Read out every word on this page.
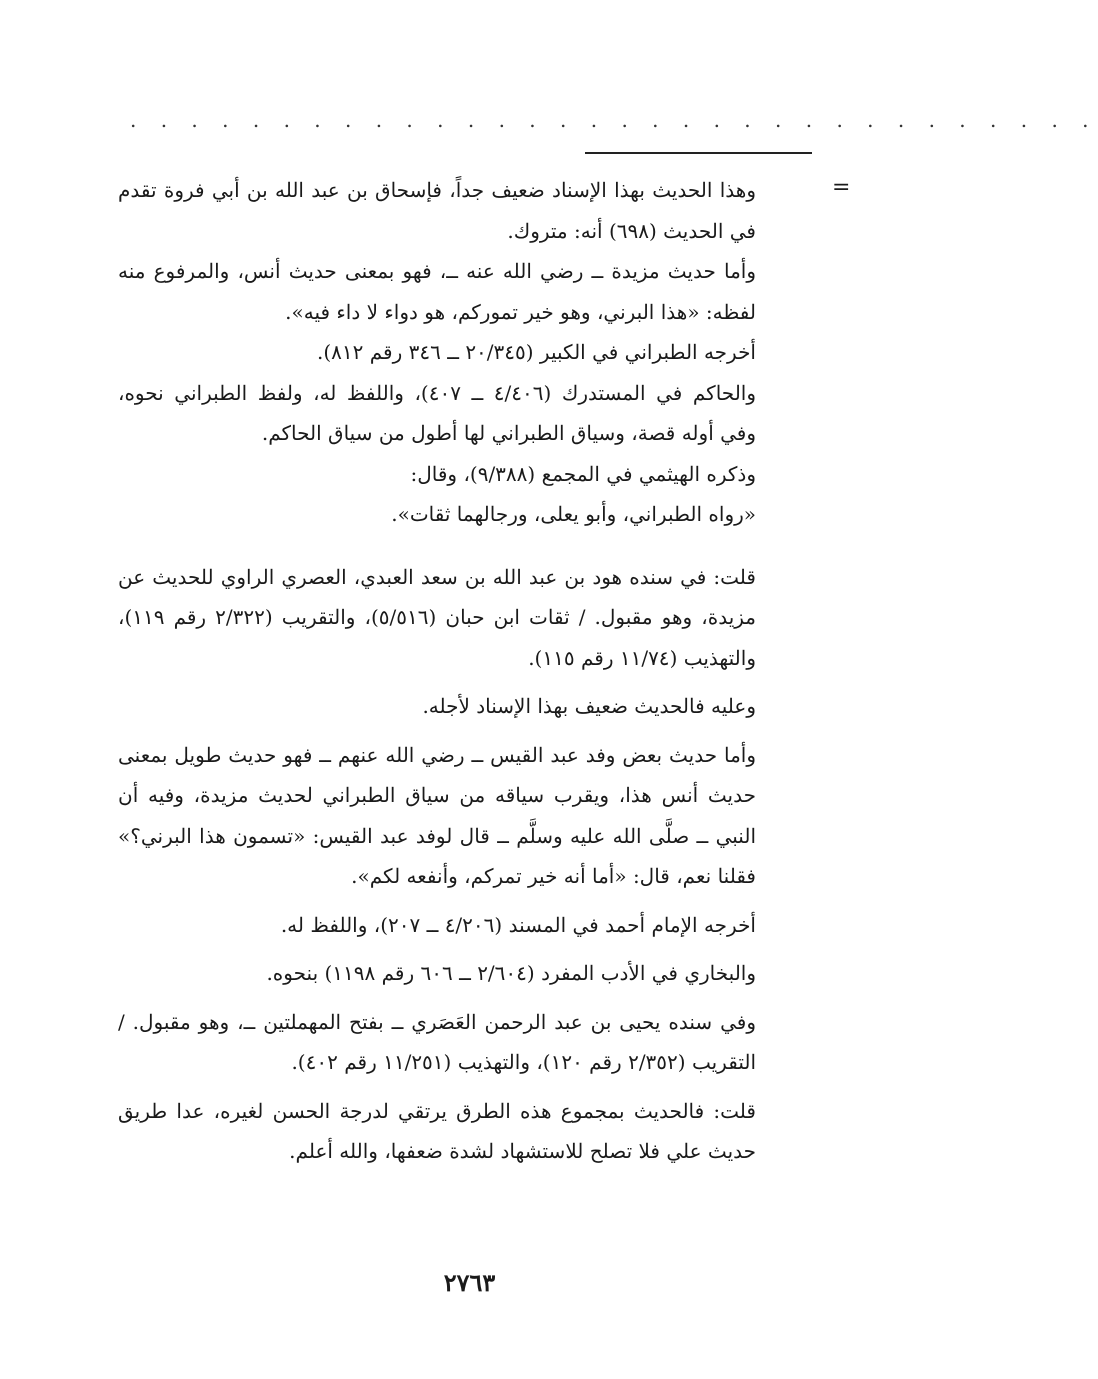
. . . . . . . . . . . . . . . . . . . . . . . . . . . . . . . .
=

وهذا الحديث بهذا الإسناد ضعيف جداً، فإسحاق بن عبد الله بن أبي فروة تقدم في الحديث (٦٩٨) أنه: متروك.

وأما حديث مزيدة ــ رضي الله عنه ــ، فهو بمعنى حديث أنس، والمرفوع منه لفظه: «هذا البرني، وهو خير تموركم، هو دواء لا داء فيه».

أخرجه الطبراني في الكبير (٢٠/٣٤٥ ــ ٣٤٦ رقم ٨١٢).

والحاكم في المستدرك (٤/٤٠٦ ــ ٤٠٧)، واللفظ له، ولفظ الطبراني نحوه، وفي أوله قصة، وسياق الطبراني لها أطول من سياق الحاكم.

وذكره الهيثمي في المجمع (٩/٣٨٨)، وقال:

«رواه الطبراني، وأبو يعلى، ورجالهما ثقات».

قلت: في سنده هود بن عبد الله بن سعد العبدي، العصري الراوي للحديث عن مزيدة، وهو مقبول. / ثقات ابن حبان (٥/٥١٦)، والتقريب (٢/٣٢٢ رقم ١١٩)، والتهذيب (١١/٧٤ رقم ١١٥).

وعليه فالحديث ضعيف بهذا الإسناد لأجله.

وأما حديث بعض وفد عبد القيس ــ رضي الله عنهم ــ فهو حديث طويل بمعنى حديث أنس هذا، ويقرب سياقه من سياق الطبراني لحديث مزيدة، وفيه أن النبي ــ صلَّى الله عليه وسلَّم ــ قال لوفد عبد القيس: «تسمون هذا البرني؟» فقلنا نعم، قال: «أما أنه خير تمركم، وأنفعه لكم».

أخرجه الإمام أحمد في المسند (٤/٢٠٦ ــ ٢٠٧)، واللفظ له.

والبخاري في الأدب المفرد (٢/٦٠٤ ــ ٦٠٦ رقم ١١٩٨) بنحوه.

وفي سنده يحيى بن عبد الرحمن العَصَري ــ بفتح المهملتين ــ، وهو مقبول. / التقريب (٢/٣٥٢ رقم ١٢٠)، والتهذيب (١١/٢٥١ رقم ٤٠٢).

قلت: فالحديث بمجموع هذه الطرق يرتقي لدرجة الحسن لغيره، عدا طريق حديث علي فلا تصلح للاستشهاد لشدة ضعفها، والله أعلم.

٢٧٦٣
